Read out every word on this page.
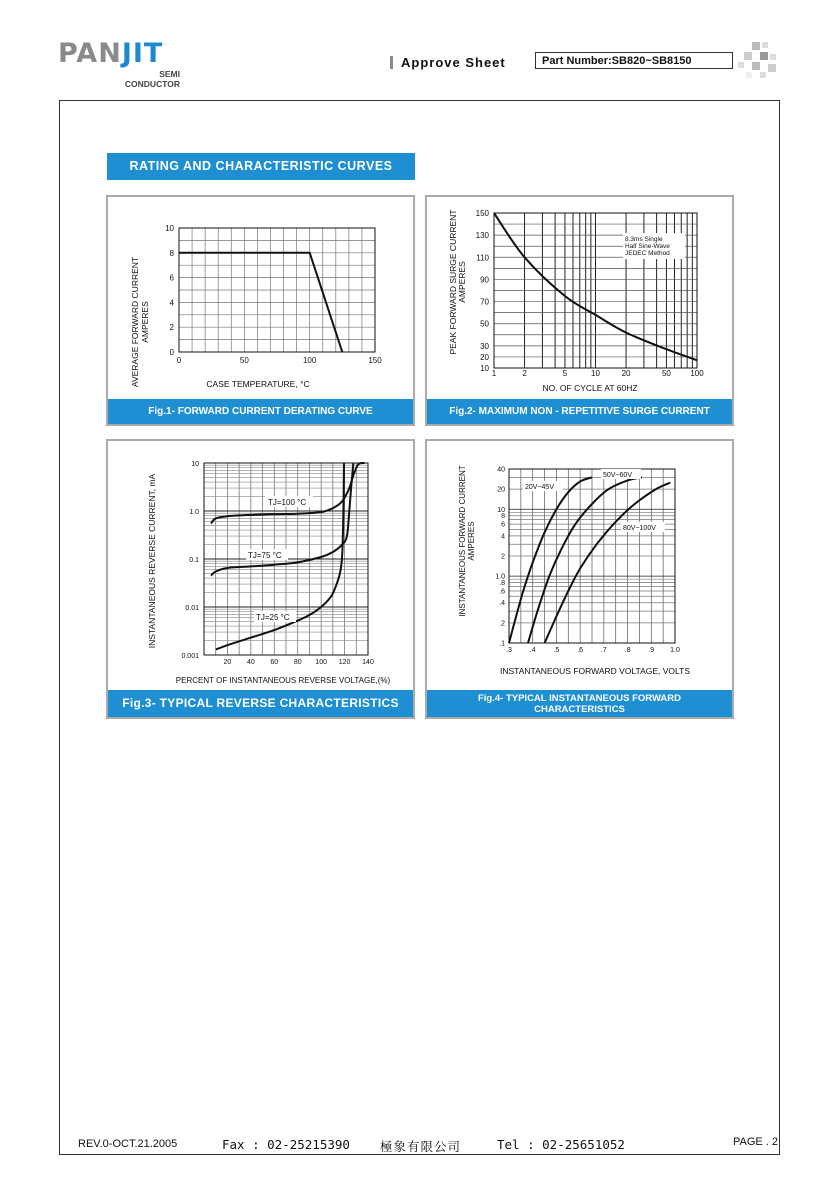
PANJIT
SEMI
CONDUCTOR
Approve Sheet	Part Number:SB820~SB8150
RATING AND CHARACTERISTIC CURVES
AVERAGE FORWARD CURRENT AMPERES
CASE TEMPERATURE, °C
0	50	100	150
0
2
4
6
8
10
Fig.1- FORWARD CURRENT DERATING CURVE
PEAK FORWARD SURGE CURRENT AMPERES
NO. OF CYCLE AT 60HZ
1	2	5	10	20	50 100
10
20
30
50
70
90
110
130
150
8.3ms Single
Half Sine-Wave
JEDEC Method
Fig.2- MAXIMUM NON - REPETITIVE SURGE CURRENT
INSTANTANEOUS REVERSE CURRENT, mA
PERCENT OF INSTANTANEOUS REVERSE VOLTAGE,(%)
20 40 60 80 100 120 140
0.001
0.01
0.1
1.0
10
TJ=100 °C
TJ=75 °C
TJ=25 °C
Fig.3- TYPICAL REVERSE CHARACTERISTICS
INSTANTANEOUS FORWARD CURRENT AMPERES
INSTANTANEOUS FORWARD VOLTAGE, VOLTS
.3	.4	.5	.6	.7	.8	.9 1.0
40
20
10
8
6
4
2
1.0
.8
.6
.4
.2
.1
20V~45V
50V~60V
80V~100V
Fig.4- TYPICAL INSTANTANEOUS FORWARD
CHARACTERISTICS
REV.0-OCT.21.2005	Fax : 02-25215390 極象有限公司	Tel : 02-25651052	PAGE . 2
